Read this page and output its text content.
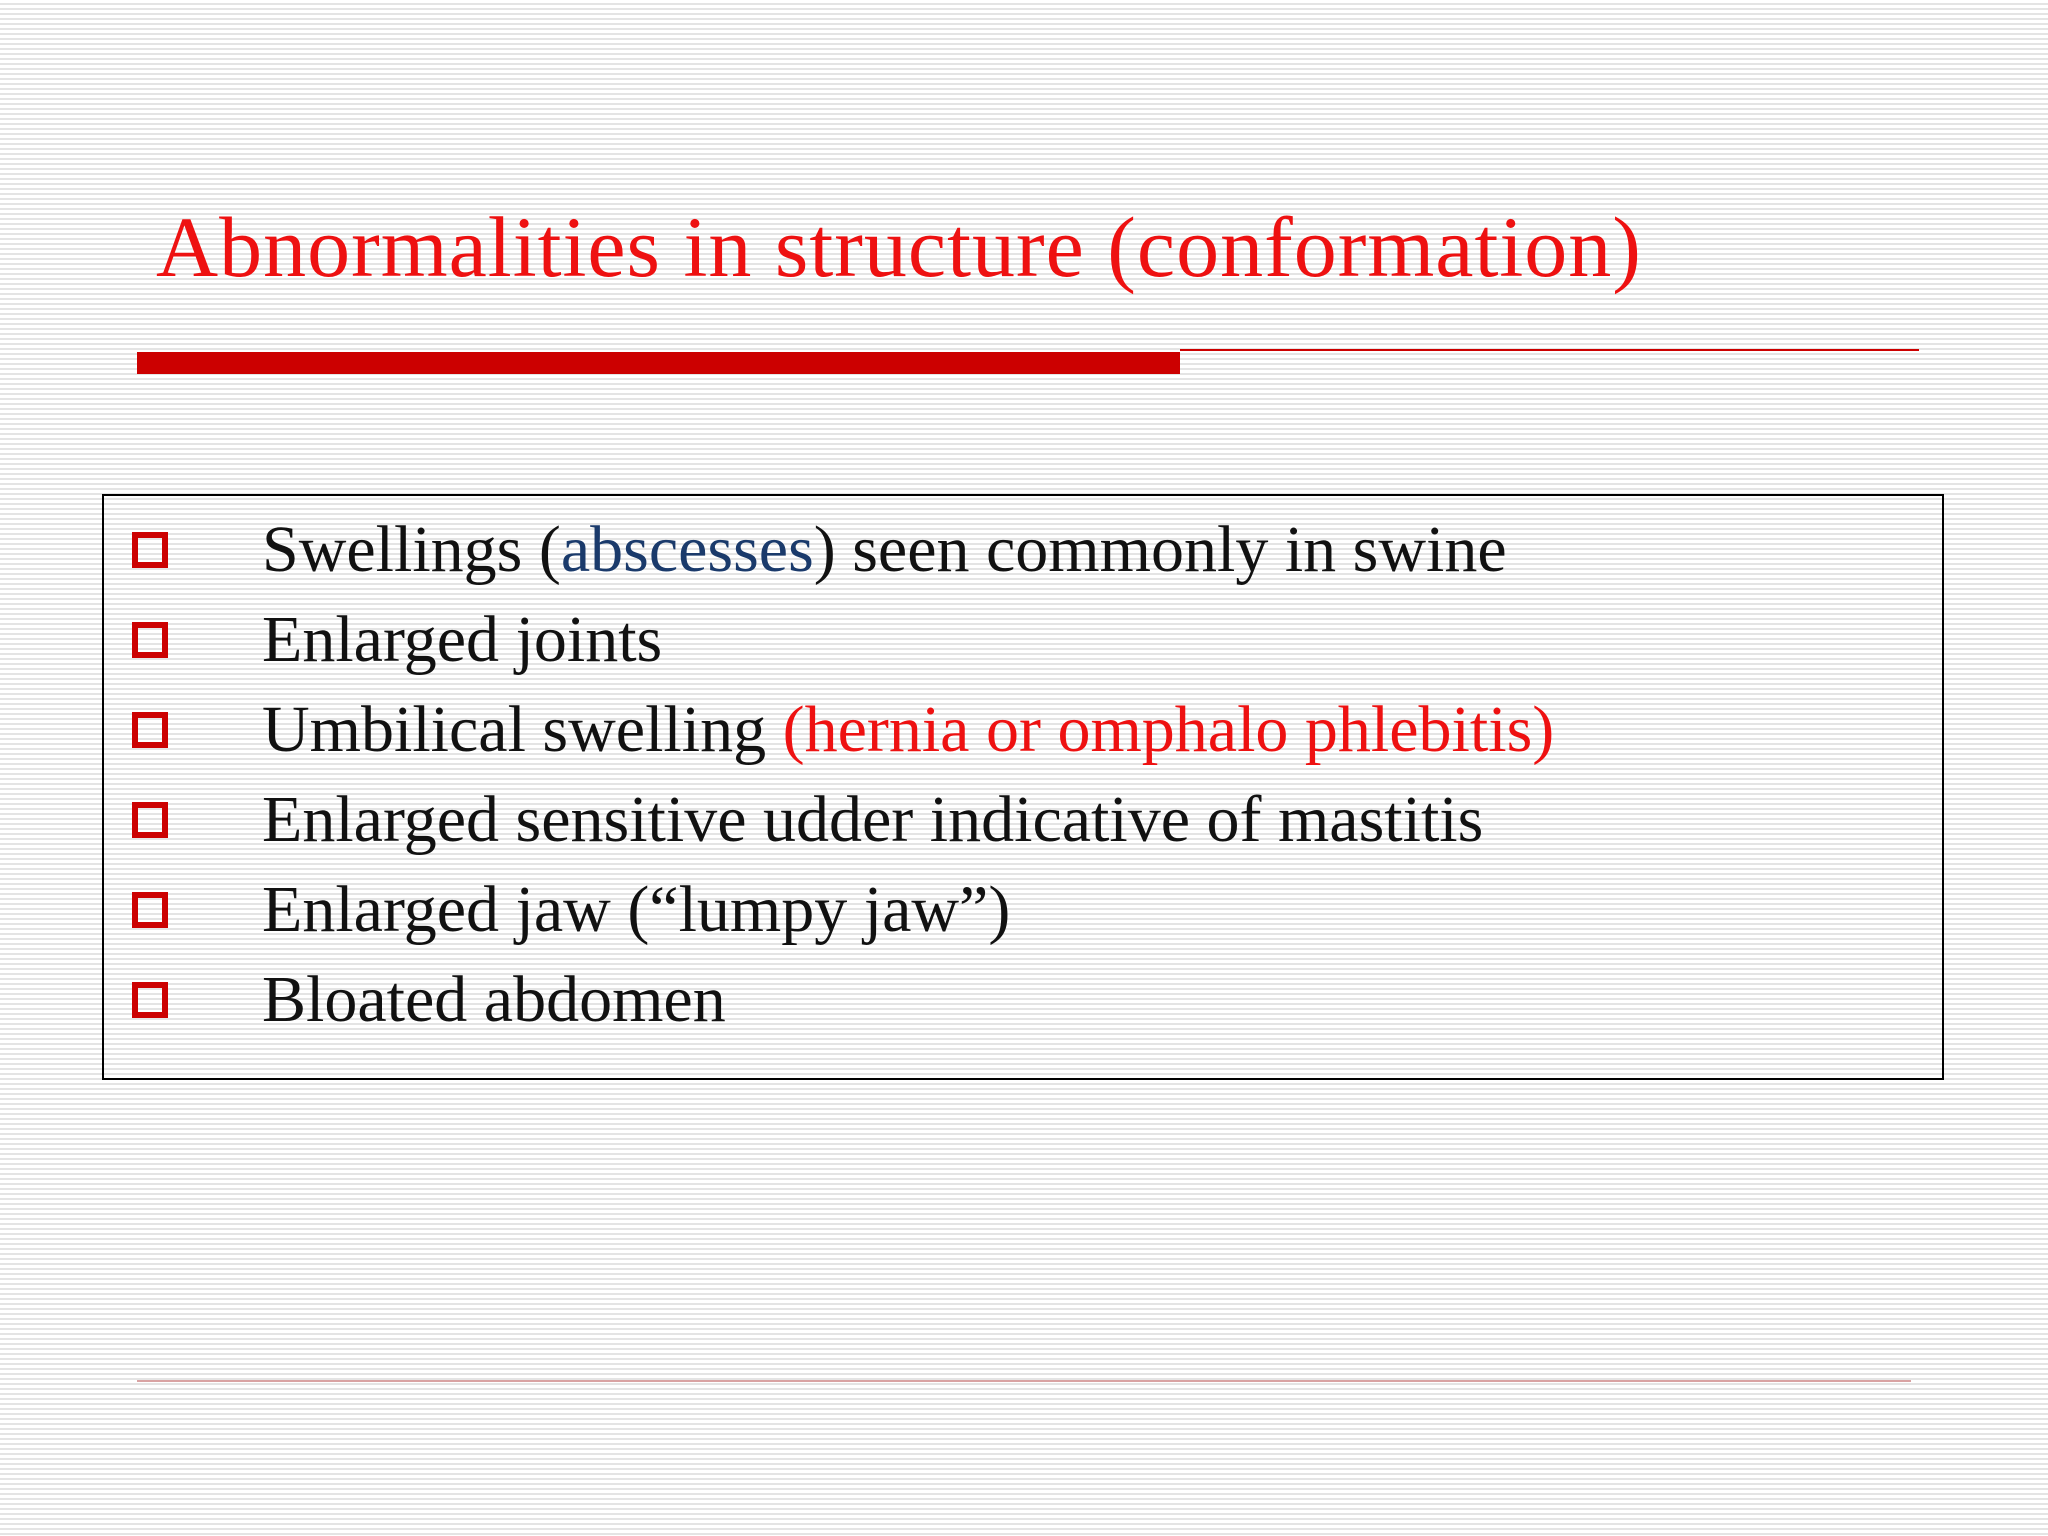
Abnormalities in structure (conformation)
Swellings (abscesses) seen commonly in swine
Enlarged joints
Umbilical swelling (hernia or omphalo phlebitis)
Enlarged sensitive udder indicative of mastitis
Enlarged jaw (“lumpy jaw”)
Bloated abdomen
